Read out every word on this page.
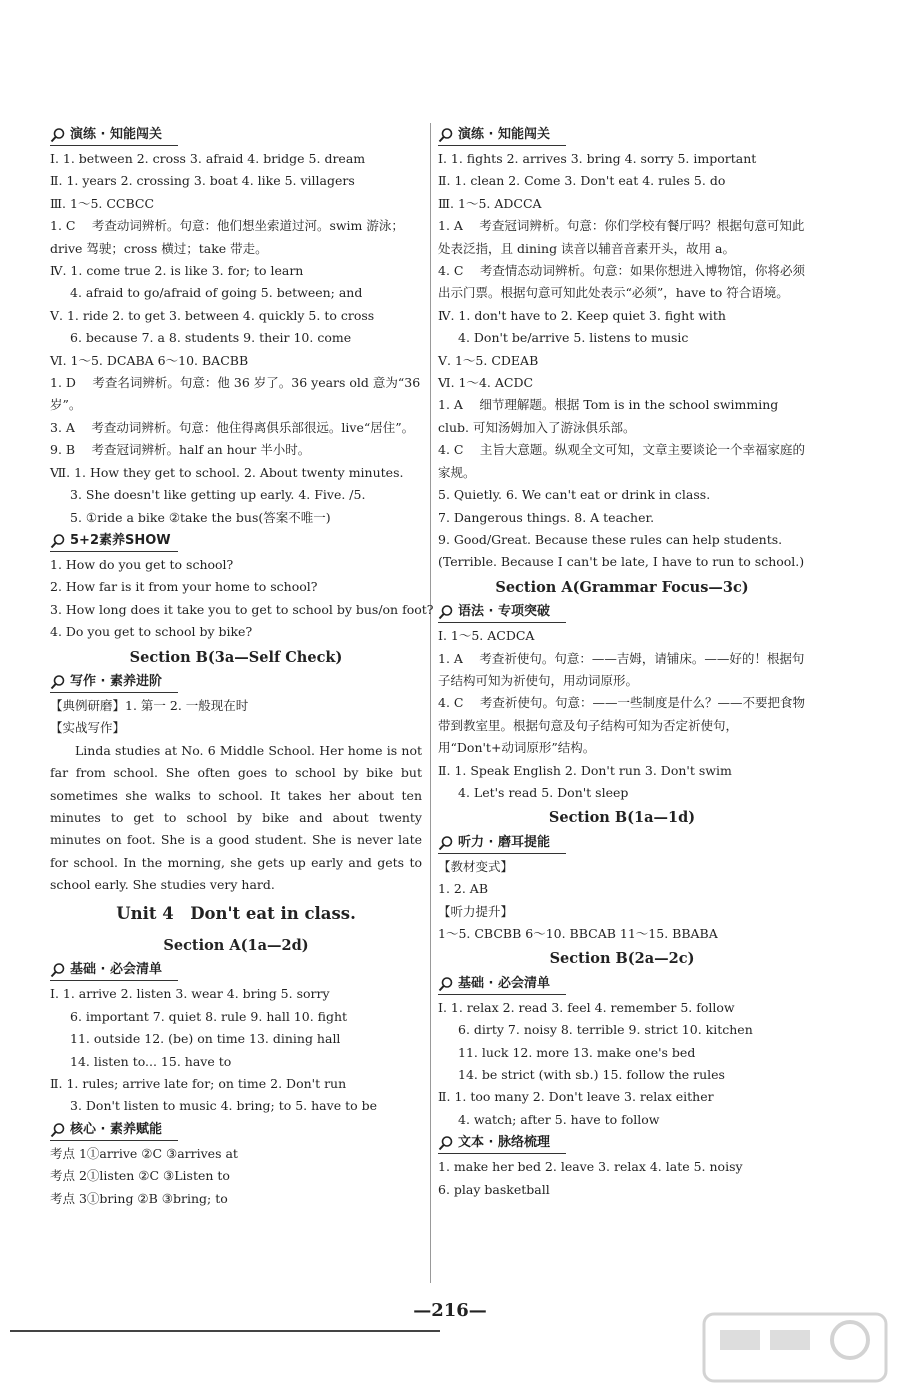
演练 · 知能闯关
Ⅰ. 1. between 2. cross 3. afraid 4. bridge 5. dream
Ⅱ. 1. years 2. crossing 3. boat 4. like 5. villagers
Ⅲ. 1～5. CCBCC
1. C　 考查动词辨析。句意：他们想坐索道过河。swim 游泳；drive 驾驶；cross 横过；take 带走。
Ⅳ. 1. come true 2. is like 3. for; to learn
4. afraid to go/afraid of going 5. between; and
Ⅴ. 1. ride 2. to get 3. between 4. quickly 5. to cross
6. because 7. a 8. students 9. their 10. come
Ⅵ. 1～5. DCABA 6～10. BACBB
1. D　 考查名词辨析。句意：他 36 岁了。36 years old 意为“36 岁”。
3. A　 考查动词辨析。句意：他住得离俱乐部很远。live“居住”。
9. B　 考查冠词辨析。half an hour 半小时。
Ⅶ. 1. How they get to school. 2. About twenty minutes.
3. She doesn't like getting up early. 4. Five. /5.
5. ①ride a bike ②take the bus(答案不唯一)
5+2素养SHOW
1. How do you get to school?
2. How far is it from your home to school?
3. How long does it take you to get to school by bus/on foot?
4. Do you get to school by bike?
Section B(3a—Self Check)
写作 · 素养进阶
【典例研磨】1. 第一 2. 一般现在时
【实战写作】
Linda studies at No. 6 Middle School. Her home is not far from school. She often goes to school by bike but sometimes she walks to school. It takes her about ten minutes to get to school by bike and about twenty minutes on foot. She is a good student. She is never late for school. In the morning, she gets up early and gets to school early. She studies very hard.
Unit 4　Don't eat in class.
Section A(1a—2d)
基础 · 必会清单
Ⅰ. 1. arrive 2. listen 3. wear 4. bring 5. sorry
6. important 7. quiet 8. rule 9. hall 10. fight
11. outside 12. (be) on time 13. dining hall
14. listen to... 15. have to
Ⅱ. 1. rules; arrive late for; on time 2. Don't run
3. Don't listen to music 4. bring; to 5. have to be
核心 · 素养赋能
考点 1①arrive ②C ③arrives at
考点 2①listen ②C ③Listen to
考点 3①bring ②B ③bring; to
演练 · 知能闯关
Ⅰ. 1. fights 2. arrives 3. bring 4. sorry 5. important
Ⅱ. 1. clean 2. Come 3. Don't eat 4. rules 5. do
Ⅲ. 1～5. ADCCA
1. A　 考查冠词辨析。句意：你们学校有餐厅吗？根据句意可知此处表泛指，且 dining 读音以辅音音素开头，故用 a。
4. C　 考查情态动词辨析。句意：如果你想进入博物馆，你将必须出示门票。根据句意可知此处表示“必须”，have to 符合语境。
Ⅳ. 1. don't have to 2. Keep quiet 3. fight with
4. Don't be/arrive 5. listens to music
Ⅴ. 1～5. CDEAB
Ⅵ. 1～4. ACDC
1. A　 细节理解题。根据 Tom is in the school swimming club. 可知汤姆加入了游泳俱乐部。
4. C　 主旨大意题。纵观全文可知，文章主要谈论一个幸福家庭的家规。
5. Quietly. 6. We can't eat or drink in class.
7. Dangerous things. 8. A teacher.
9. Good/Great. Because these rules can help students. (Terrible. Because I can't be late, I have to run to school.)
Section A(Grammar Focus—3c)
语法 · 专项突破
Ⅰ. 1～5. ACDCA
1. A　 考查祈使句。句意：——吉姆，请铺床。——好的！根据句子结构可知为祈使句，用动词原形。
4. C　 考查祈使句。句意：——一些制度是什么？——不要把食物带到教室里。根据句意及句子结构可知为否定祈使句，用“Don't+动词原形”结构。
Ⅱ. 1. Speak English 2. Don't run 3. Don't swim
4. Let's read 5. Don't sleep
Section B(1a—1d)
听力 · 磨耳提能
【教材变式】
1. 2. AB
【听力提升】
1～5. CBCBB 6～10. BBCAB 11～15. BBABA
Section B(2a—2c)
基础 · 必会清单
Ⅰ. 1. relax 2. read 3. feel 4. remember 5. follow
6. dirty 7. noisy 8. terrible 9. strict 10. kitchen
11. luck 12. more 13. make one's bed
14. be strict (with sb.) 15. follow the rules
Ⅱ. 1. too many 2. Don't leave 3. relax either
4. watch; after 5. have to follow
文本 · 脉络梳理
1. make her bed 2. leave 3. relax 4. late 5. noisy
6. play basketball
—216—
